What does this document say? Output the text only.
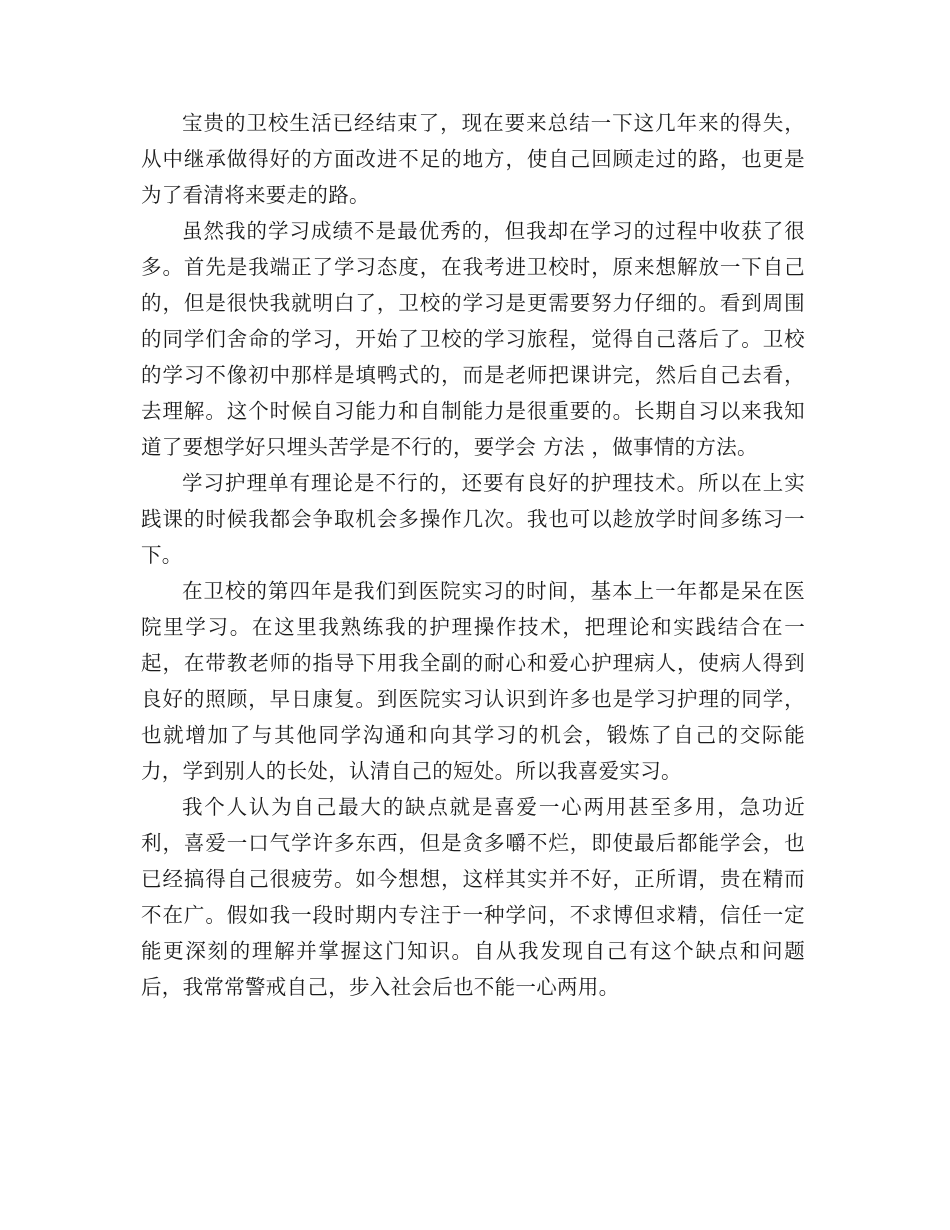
宝贵的卫校生活已经结束了，现在要来总结一下这几年来的得失，从中继承做得好的方面改进不足的地方，使自己回顾走过的路，也更是为了看清将来要走的路。

虽然我的学习成绩不是最优秀的，但我却在学习的过程中收获了很多。首先是我端正了学习态度，在我考进卫校时，原来想解放一下自己的，但是很快我就明白了，卫校的学习是更需要努力仔细的。看到周围的同学们舍命的学习，开始了卫校的学习旅程，觉得自己落后了。卫校的学习不像初中那样是填鸭式的，而是老师把课讲完，然后自己去看，去理解。这个时候自习能力和自制能力是很重要的。长期自习以来我知道了要想学好只埋头苦学是不行的，要学会 方法 ，做事情的方法。

学习护理单有理论是不行的，还要有良好的护理技术。所以在上实践课的时候我都会争取机会多操作几次。我也可以趁放学时间多练习一下。

在卫校的第四年是我们到医院实习的时间，基本上一年都是呆在医院里学习。在这里我熟练我的护理操作技术，把理论和实践结合在一起，在带教老师的指导下用我全副的耐心和爱心护理病人，使病人得到良好的照顾，早日康复。到医院实习认识到许多也是学习护理的同学，也就增加了与其他同学沟通和向其学习的机会，锻炼了自己的交际能力，学到别人的长处，认清自己的短处。所以我喜爱实习。

我个人认为自己最大的缺点就是喜爱一心两用甚至多用，急功近利，喜爱一口气学许多东西，但是贪多嚼不烂，即使最后都能学会，也已经搞得自己很疲劳。如今想想，这样其实并不好，正所谓，贵在精而不在广。假如我一段时期内专注于一种学问，不求博但求精，信任一定能更深刻的理解并掌握这门知识。自从我发现自己有这个缺点和问题后，我常常警戒自己，步入社会后也不能一心两用。
